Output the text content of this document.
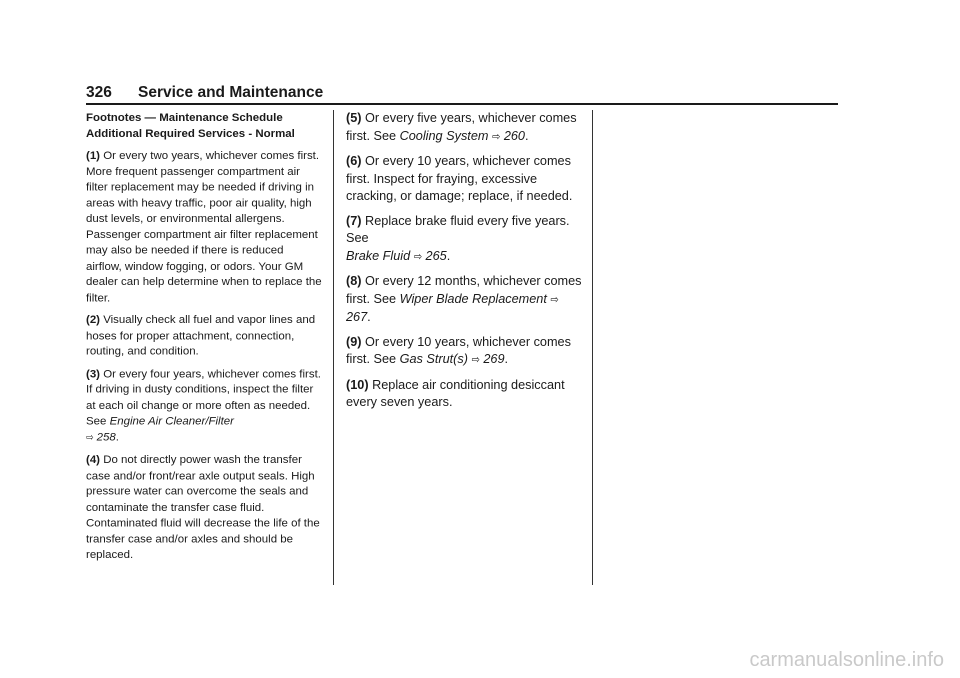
326 Service and Maintenance
Footnotes — Maintenance Schedule
Additional Required Services - Normal

(1) Or every two years, whichever comes first. More frequent passenger compartment air filter replacement may be needed if driving in areas with heavy traffic, poor air quality, high dust levels, or environmental allergens. Passenger compartment air filter replacement may also be needed if there is reduced airflow, window fogging, or odors. Your GM dealer can help determine when to replace the filter.

(2) Visually check all fuel and vapor lines and hoses for proper attachment, connection, routing, and condition.

(3) Or every four years, whichever comes first. If driving in dusty conditions, inspect the filter at each oil change or more often as needed. See Engine Air Cleaner/Filter
⇨ 258.

(4) Do not directly power wash the transfer case and/or front/rear axle output seals. High pressure water can overcome the seals and contaminate the transfer case fluid. Contaminated fluid will decrease the life of the transfer case and/or axles and should be replaced.

(5) Or every five years, whichever comes first. See Cooling System ⇨ 260.

(6) Or every 10 years, whichever comes first. Inspect for fraying, excessive cracking, or damage; replace, if needed.

(7) Replace brake fluid every five years. See
Brake Fluid ⇨ 265.

(8) Or every 12 months, whichever comes first. See Wiper Blade Replacement ⇨ 267.

(9) Or every 10 years, whichever comes first. See Gas Strut(s) ⇨ 269.

(10) Replace air conditioning desiccant every seven years.

carmanualsonline.info
